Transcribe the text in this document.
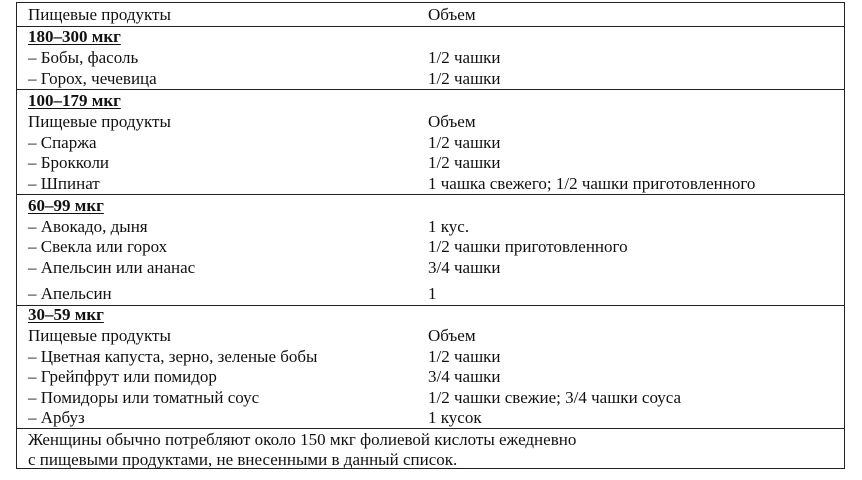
Пищевые продукты	Объем
180–300 мкг
– Бобы, фасоль	1/2 чашки
– Горох, чечевица	1/2 чашки
100–179 мкг
Пищевые продукты	Объем
– Спаржа	1/2 чашки
– Брокколи	1/2 чашки
– Шпинат	1 чашка свежего; 1/2 чашки приготовленного
60–99 мкг
– Авокадо, дыня	1 кус.
– Свекла или горох	1/2 чашки приготовленного
– Апельсин или ананас	3/4 чашки
– Апельсин	1
30–59 мкг
Пищевые продукты	Объем
– Цветная капуста, зерно, зеленые бобы	1/2 чашки
– Грейпфрут или помидор	3/4 чашки
– Помидоры или томатный соус	1/2 чашки свежие; 3/4 чашки соуса
– Арбуз	1 кусок
Женщины обычно потребляют около 150 мкг фолиевой кислоты ежедневно
с пищевыми продуктами, не внесенными в данный список.
